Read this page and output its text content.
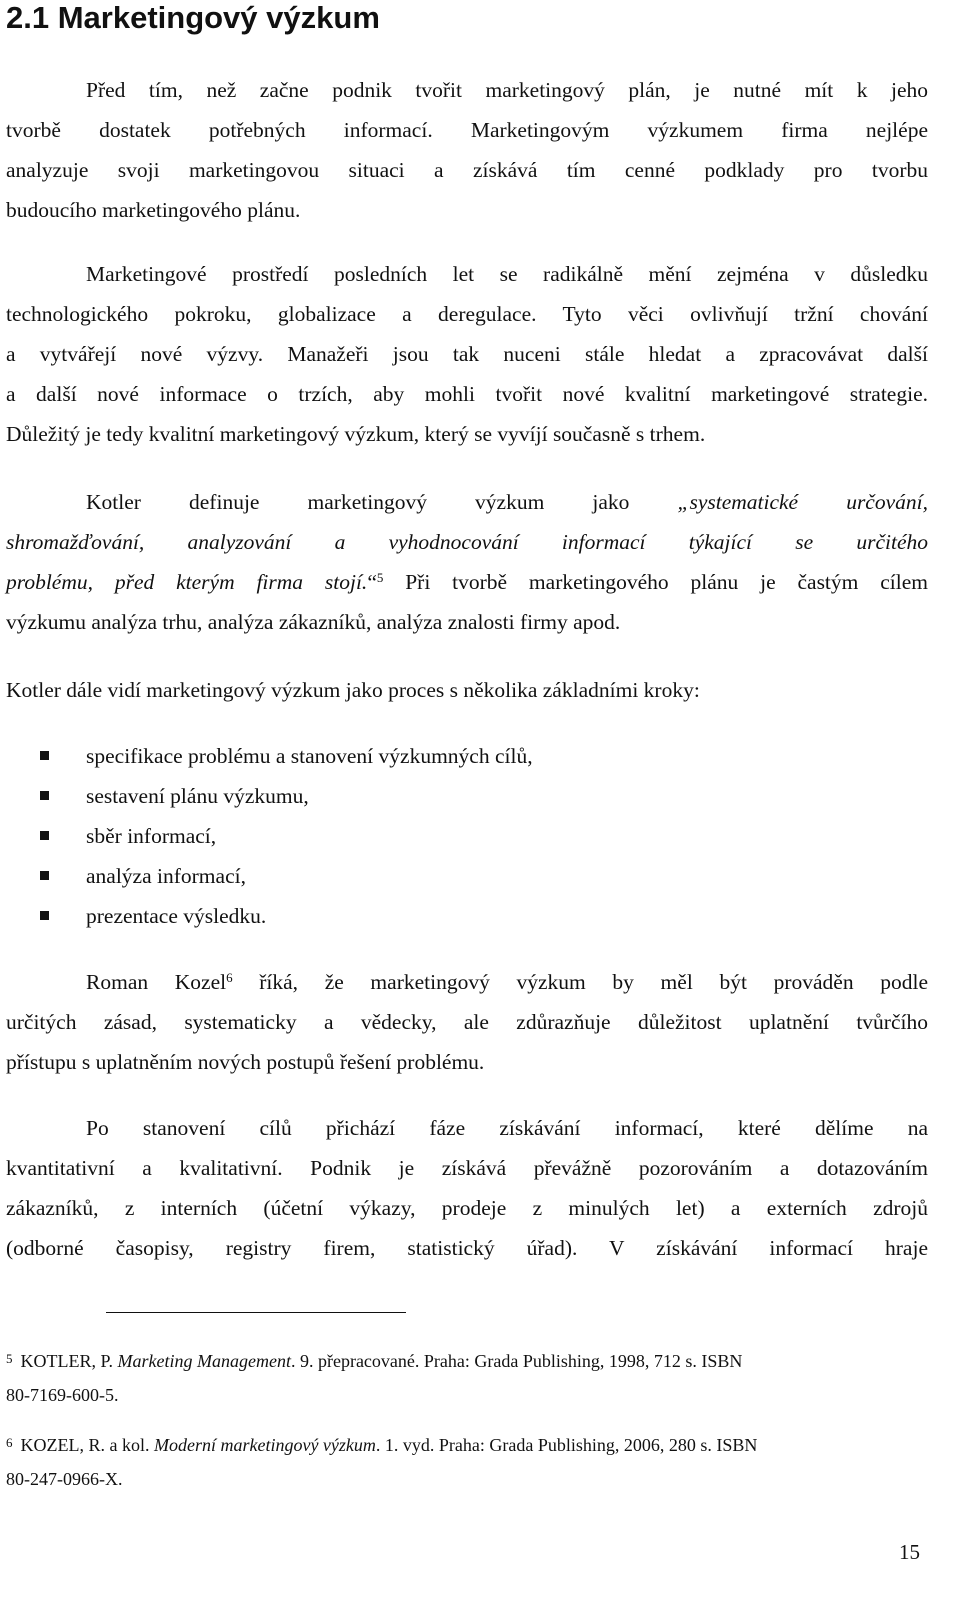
2.1 Marketingový výzkum
Před tím, než začne podnik tvořit marketingový plán, je nutné mít k jeho
tvorbě dostatek potřebných informací. Marketingovým výzkumem firma nejlépe
analyzuje svoji marketingovou situaci a získává tím cenné podklady pro tvorbu
budoucího marketingového plánu.
Marketingové prostředí posledních let se radikálně mění zejména v důsledku
technologického pokroku, globalizace a deregulace. Tyto věci ovlivňují tržní chování
a vytvářejí nové výzvy. Manažeři jsou tak nuceni stále hledat a zpracovávat další
a další nové informace o trzích, aby mohli tvořit nové kvalitní marketingové strategie.
Důležitý je tedy kvalitní marketingový výzkum, který se vyvíjí současně s trhem.
Kotler definuje marketingový výzkum jako „systematické určování,
shromažďování, analyzování a vyhodnocování informací týkající se určitého
problému, před kterým firma stojí.“$^5$ Při tvorbě marketingového plánu je častým cílem
výzkumu analýza trhu, analýza zákazníků, analýza znalosti firmy apod.
Kotler dále vidí marketingový výzkum jako proces s několika základními kroky:
specifikace problému a stanovení výzkumných cílů,
sestavení plánu výzkumu,
sběr informací,
analýza informací,
prezentace výsledku.
Roman Kozel$^6$ říká, že marketingový výzkum by měl být prováděn podle
určitých zásad, systematicky a vědecky, ale zdůrazňuje důležitost uplatnění tvůrčího
přístupu s uplatněním nových postupů řešení problému.
Po stanovení cílů přichází fáze získávání informací, které dělíme na
kvantitativní a kvalitativní. Podnik je získává převážně pozorováním a dotazováním
zákazníků, z interních (účetní výkazy, prodeje z minulých let) a externích zdrojů
(odborné časopisy, registry firem, statistický úřad). V získávání informací hraje
$^5$ KOTLER, P. Marketing Management. 9. přepracované. Praha: Grada Publishing, 1998, 712 s. ISBN
80-7169-600-5.
$^6$ KOZEL, R. a kol. Moderní marketingový výzkum. 1. vyd. Praha: Grada Publishing, 2006, 280 s. ISBN
80-247-0966-X.
15
